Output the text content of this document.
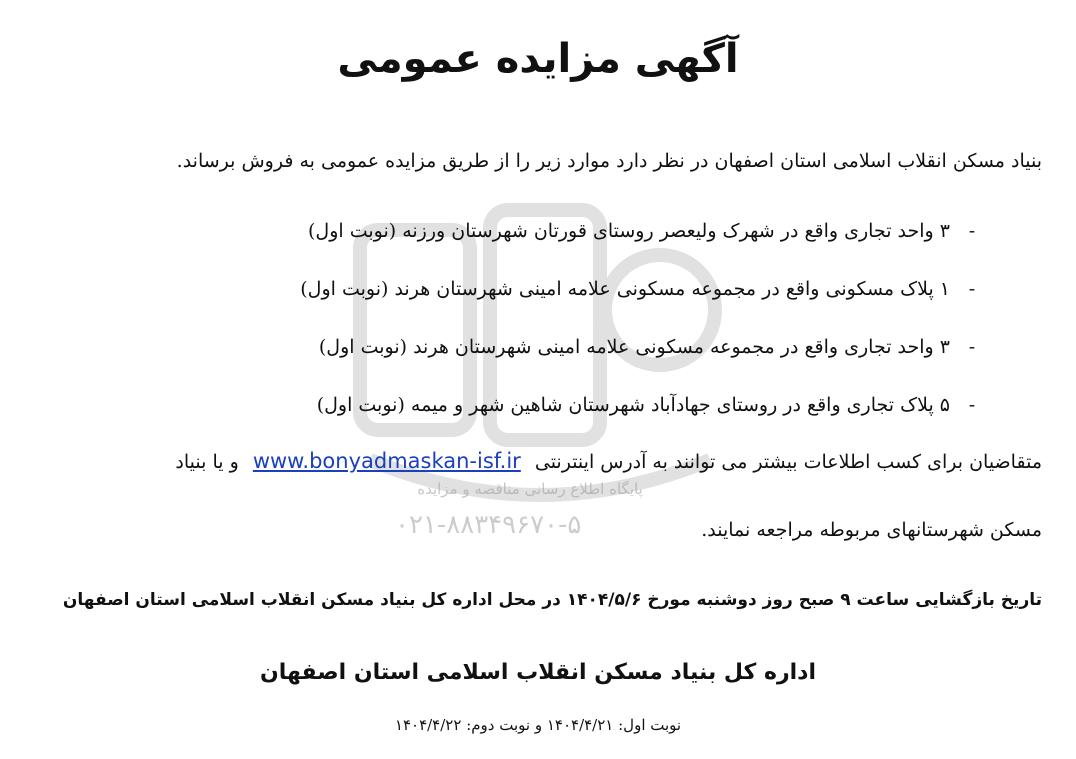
پایگاه اطلاع رسانی مناقصه و مزایده
۰۲۱-۸۸۳۴۹۶۷۰-۵
آگهی مزایده عمومی
بنیاد مسکن انقلاب اسلامی استان اصفهان در نظر دارد موارد زیر را از طریق مزایده عمومی به فروش برساند.
-
۳ واحد تجاری واقع در شهرک ولیعصر روستای قورتان شهرستان ورزنه (نوبت اول)
-
۱ پلاک مسکونی واقع در مجموعه مسکونی علامه امینی شهرستان هرند (نوبت اول)
-
۳ واحد تجاری واقع در مجموعه مسکونی علامه امینی شهرستان هرند (نوبت اول)
-
۵ پلاک تجاری واقع در روستای جهادآباد شهرستان شاهین شهر و میمه (نوبت اول)
متقاضیان برای کسب اطلاعات بیشتر می توانند به آدرس اینترنتی www.bonyadmaskan-isf.ir و یا بنیاد
مسکن شهرستانهای مربوطه مراجعه نمایند.
تاریخ بازگشایی ساعت ۹ صبح روز دوشنبه مورخ ۱۴۰۴/۵/۶ در محل اداره کل بنیاد مسکن انقلاب اسلامی استان اصفهان
اداره کل بنیاد مسکن انقلاب اسلامی استان اصفهان
نوبت اول: ۱۴۰۴/۴/۲۱ و نوبت دوم: ۱۴۰۴/۴/۲۲
